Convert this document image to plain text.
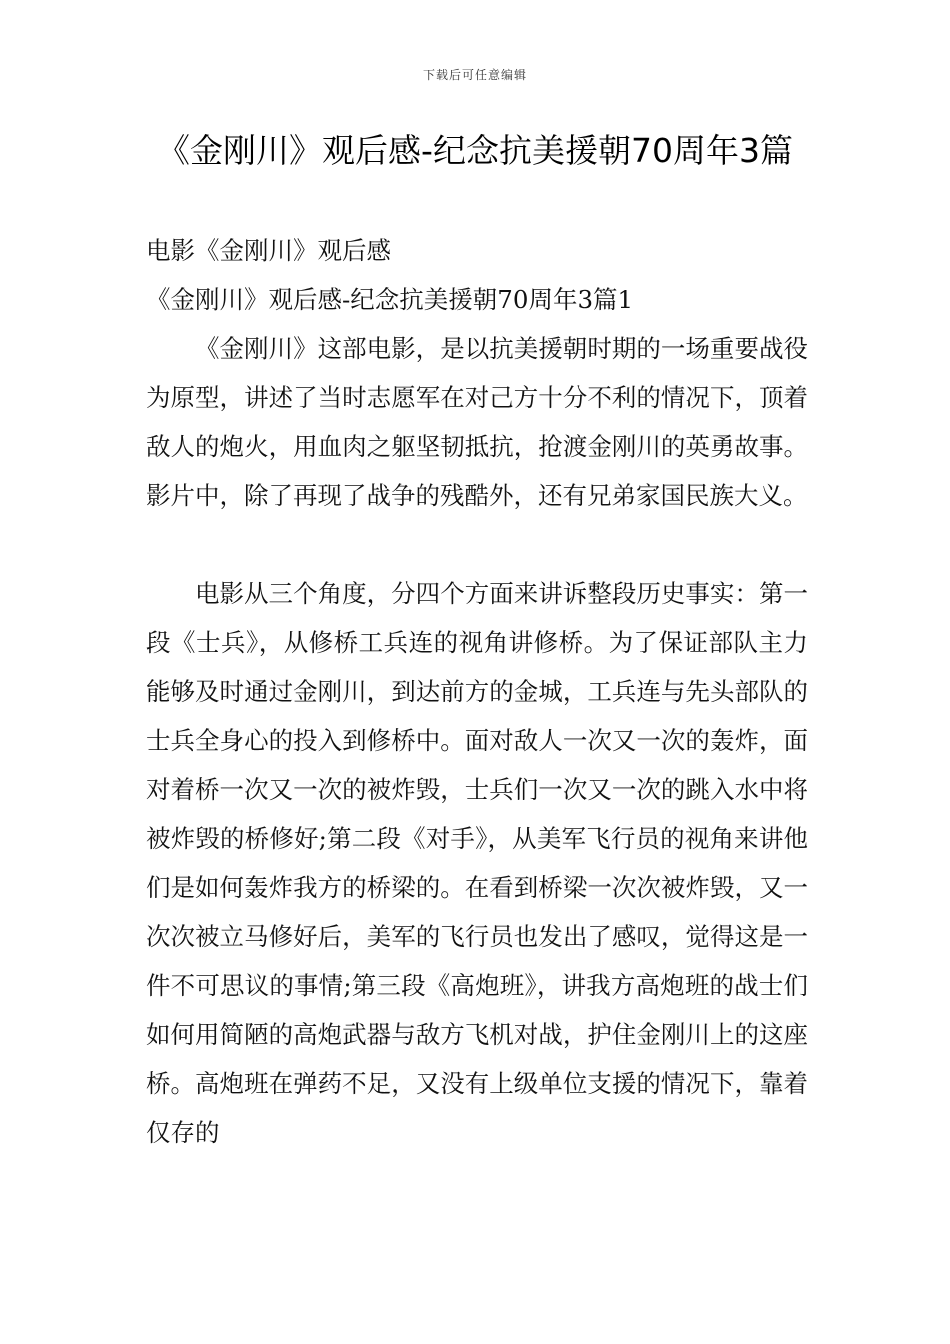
下载后可任意编辑
《金刚川》观后感-纪念抗美援朝70周年3篇
电影《金刚川》观后感
《金刚川》观后感-纪念抗美援朝70周年3篇1

《金刚川》这部电影，是以抗美援朝时期的一场重要战役为原型，讲述了当时志愿军在对己方十分不利的情况下，顶着敌人的炮火，用血肉之躯坚韧抵抗，抢渡金刚川的英勇故事。影片中，除了再现了战争的残酷外，还有兄弟家国民族大义。

电影从三个角度，分四个方面来讲诉整段历史事实：第一段《士兵》，从修桥工兵连的视角讲修桥。为了保证部队主力能够及时通过金刚川，到达前方的金城，工兵连与先头部队的士兵全身心的投入到修桥中。面对敌人一次又一次的轰炸，面对着桥一次又一次的被炸毁，士兵们一次又一次的跳入水中将被炸毁的桥修好;第二段《对手》，从美军飞行员的视角来讲他们是如何轰炸我方的桥梁的。在看到桥梁一次次被炸毁，又一次次被立马修好后，美军的飞行员也发出了感叹，觉得这是一件不可思议的事情;第三段《高炮班》，讲我方高炮班的战士们如何用简陋的高炮武器与敌方飞机对战，护住金刚川上的这座桥。高炮班在弹药不足，又没有上级单位支援的情况下，靠着仅存的
